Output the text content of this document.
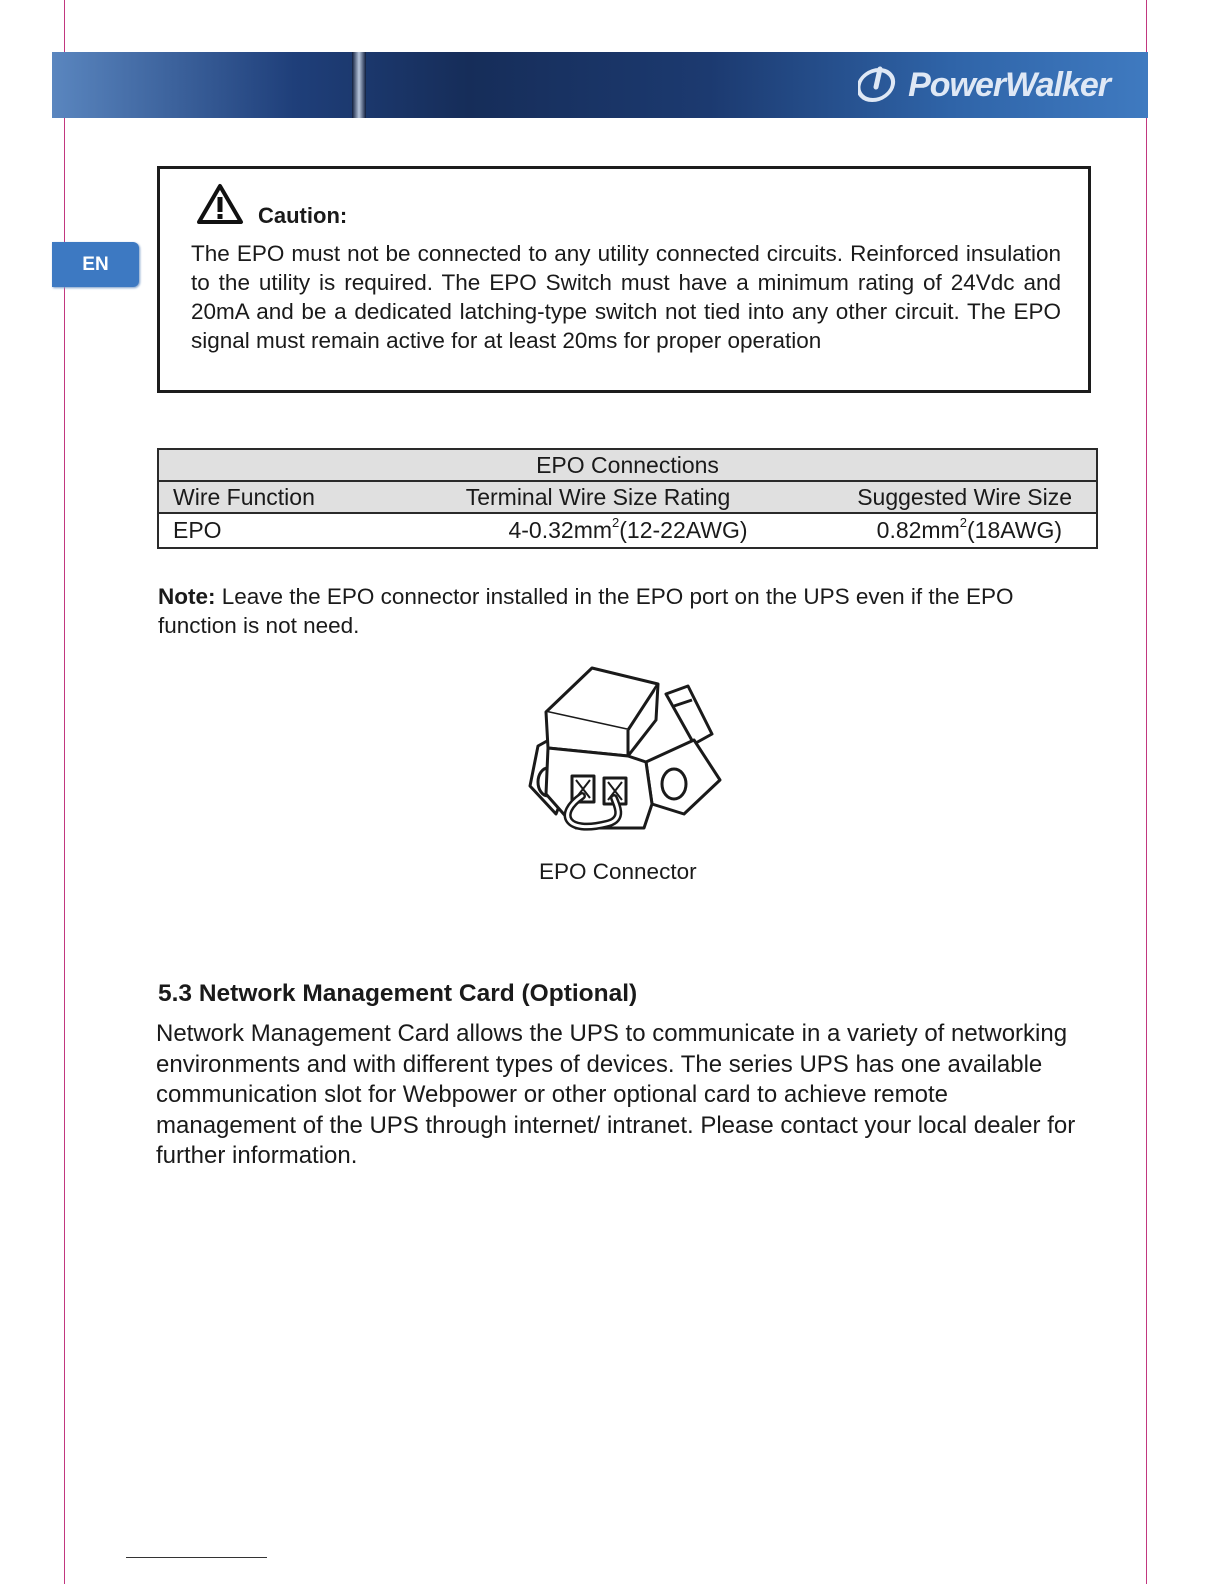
PowerWalker
EN
Caution:
The EPO must not be connected to any utility connected circuits. Reinforced insulation to the utility is required. The EPO Switch must have a minimum rating of 24Vdc and 20mA and be a dedicated latching-type switch not tied into any other circuit. The EPO signal must remain active for at least 20ms for proper operation
EPO Connections

Wire Function	Terminal Wire Size Rating	Suggested Wire Size

EPO	$4-0.32mm^2(12-22AWG)$	$0.82mm^2(18AWG)$
Note: Leave the EPO connector installed in the EPO port on the UPS even if the EPO function is not need.
EPO Connector
5.3 Network Management Card (Optional)
Network Management Card allows the UPS to communicate in a variety of networking environments and with different types of devices. The series UPS has one available communication slot for Webpower or other optional card to achieve remote management of the UPS through internet/ intranet. Please contact your local dealer for further information.
